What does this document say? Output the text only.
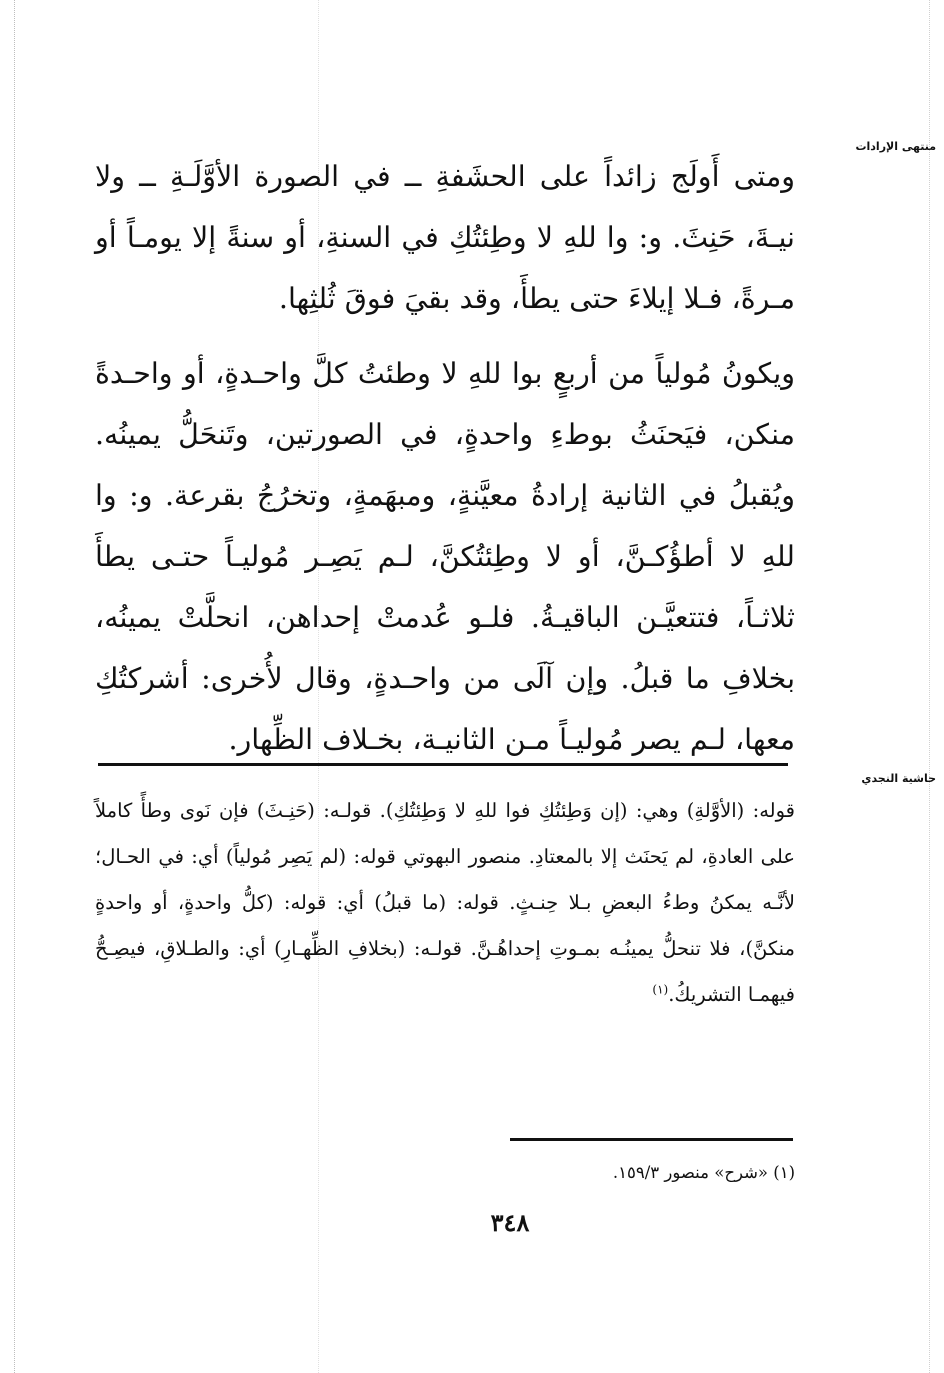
منتهى الإرادات

ومتى أَولَج زائداً على الحشَفةِ ــ في الصورة الأوَّلَـةِ ــ ولا نيـةَ، حَنِثَ. و: وا للهِ لا وطِئتُكِ في السنةِ، أو سنةً إلا يومـاً أو مـرةً، فـلا إيلاءَ حتى يطأَ، وقد بقيَ فوقَ ثُلثِها.

ويكونُ مُولياً من أربعٍ بوا للهِ لا وطئتُ كلَّ واحـدةٍ، أو واحـدةً منكن، فيَحنَثُ بوطءِ واحدةٍ، في الصورتين، وتَنحَلُّ يمينُه. ويُقبلُ في الثانية إرادةُ معيَّنةٍ، ومبهَمةٍ، وتخرُجُ بقرعة. و: وا للهِ لا أطؤُكـنَّ، أو لا وطِئتُكنَّ، لـم يَصِـر مُوليـاً حتـى يطأَ ثلاثـاً، فتتعيَّـن الباقيـةُ. فلـو عُدمتْ إحداهن، انحلَّتْ يمينُه، بخلافِ ما قبلُ. وإن آلَى من واحـدةٍ، وقال لأُخرى: أشركتُكِ معها، لـم يصر مُوليـاً مـن الثانيـة، بخـلاف الظِّهار.

حاشية النجدي

قوله: (الأوَّلةِ) وهي: (إن وَطِئتُكِ فوا للهِ لا وَطِئتُكِ). قولـه: (حَنِـثَ) فإن نَوى وطأً كاملاً على العادةِ، لم يَحنَث إلا بالمعتادِ. منصور البهوتي قوله: (لم يَصِر مُولياً) أي: في الحـال؛ لأنَّـه يمكنُ وطءُ البعضِ بـلا حِنـثٍ. قوله: (ما قبلُ) أي: قوله: (كلُّ واحدةٍ، أو واحدةٍ منكنَّ)، فلا تنحلُّ يمينُـه بمـوتِ إحداهُـنَّ. قولـه: (بخلافِ الظِّهـارِ) أي: والطـلاقِ، فيصِـحُّ فيهمـا التشريكُ.$^{(١)}$

(١) «شرح» منصور ١٥٩/٣.
٣٤٨
